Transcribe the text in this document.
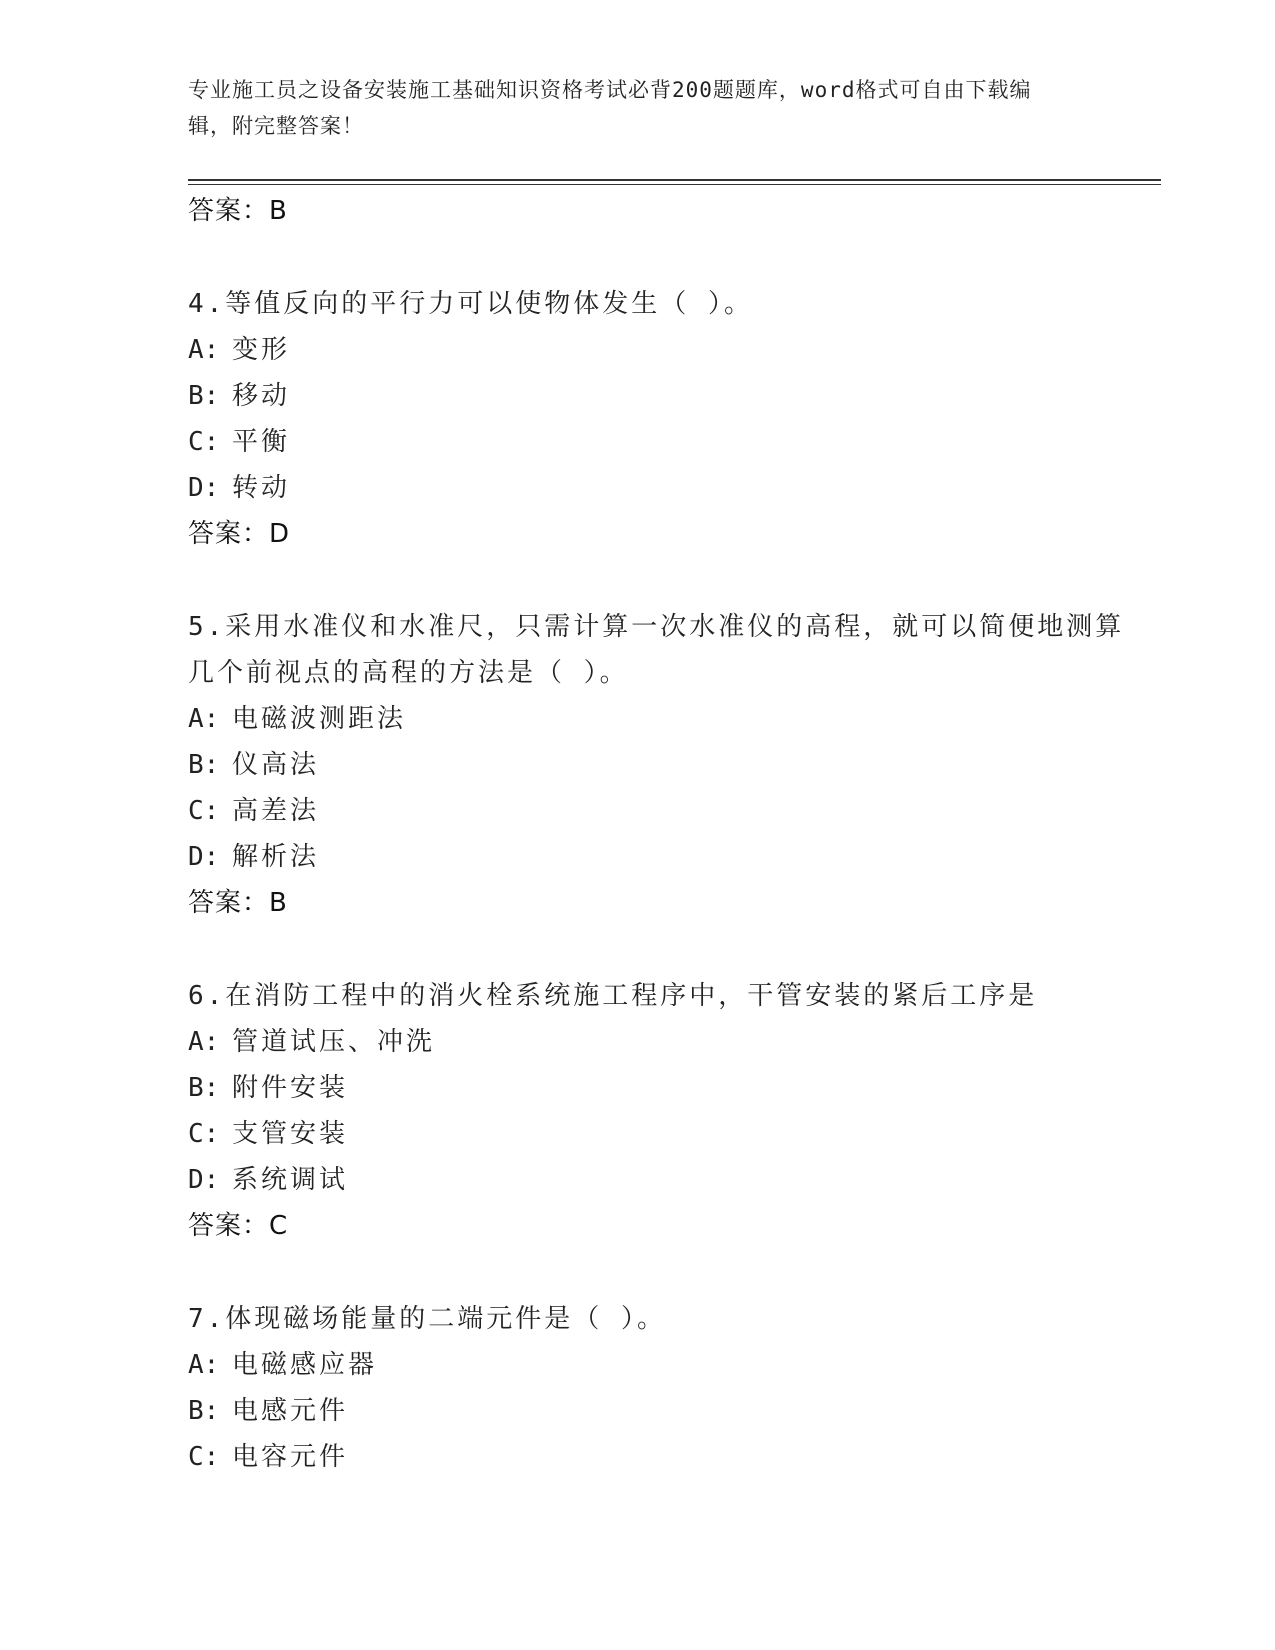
专业施工员之设备安装施工基础知识资格考试必背200题题库，word格式可自由下载编辑，附完整答案！
答案：B
4.等值反向的平行力可以使物体发生（ ）。
A: 变形
B: 移动
C: 平衡
D: 转动
答案：D
5.采用水准仪和水准尺，只需计算一次水准仪的高程，就可以简便地测算几个前视点的高程的方法是（ ）。
A: 电磁波测距法
B: 仪高法
C: 高差法
D: 解析法
答案：B
6.在消防工程中的消火栓系统施工程序中，干管安装的紧后工序是
A: 管道试压、冲洗
B: 附件安装
C: 支管安装
D: 系统调试
答案：C
7.体现磁场能量的二端元件是（ ）。
A: 电磁感应器
B: 电感元件
C: 电容元件
